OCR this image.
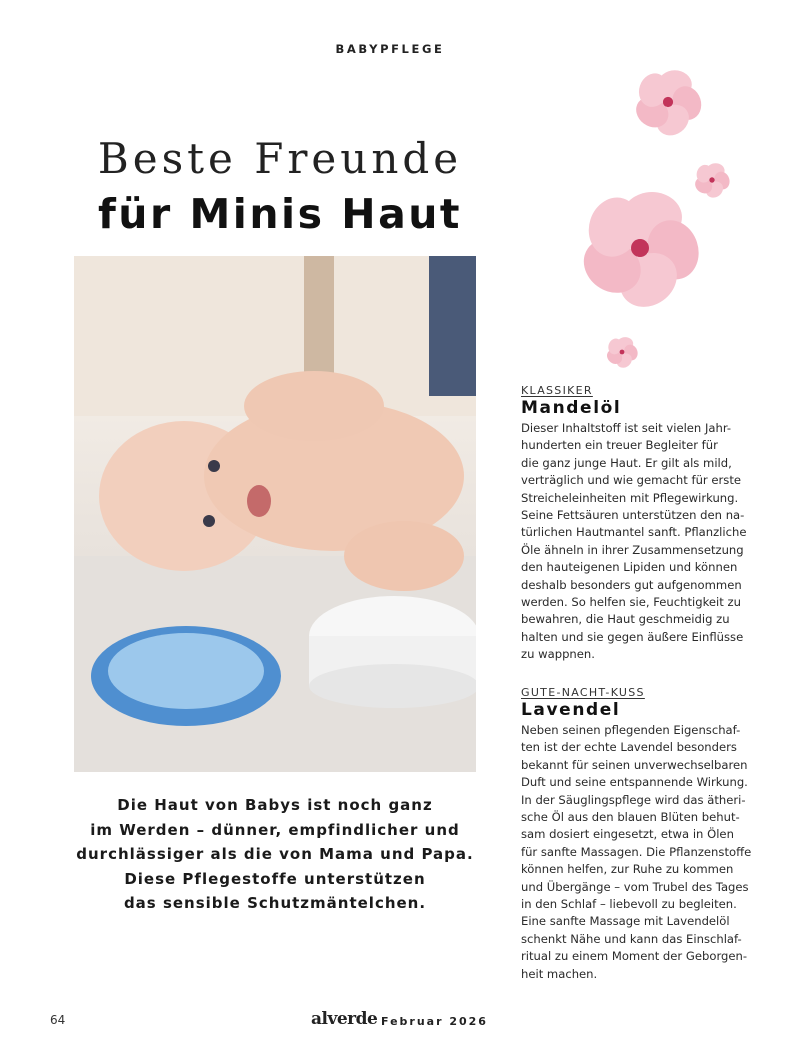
BABYPFLEGE
Beste Freunde
für Minis Haut
Die Haut von Babys ist noch ganz
im Werden – dünner, empfindlicher und
durchlässiger als die von Mama und Papa.
Diese Pflegestoffe unterstützen
das sensible Schutzmäntelchen.
KLASSIKER
Mandelöl
Dieser Inhaltstoff ist seit vielen Jahr-
hunderten ein treuer Begleiter für
die ganz junge Haut. Er gilt als mild,
verträglich und wie gemacht für erste
Streicheleinheiten mit Pflegewirkung.
Seine Fettsäuren unterstützen den na-
türlichen Hautmantel sanft. Pflanzliche
Öle ähneln in ihrer Zusammensetzung
den hauteigenen Lipiden und können
deshalb besonders gut aufgenommen
werden. So helfen sie, Feuchtigkeit zu
bewahren, die Haut geschmeidig zu
halten und sie gegen äußere Einflüsse
zu wappnen.
GUTE-NACHT-KUSS
Lavendel
Neben seinen pflegenden Eigenschaf-
ten ist der echte Lavendel besonders
bekannt für seinen unverwechselbaren
Duft und seine entspannende Wirkung.
In der Säuglingspflege wird das ätheri-
sche Öl aus den blauen Blüten behut-
sam dosiert eingesetzt, etwa in Ölen
für sanfte Massagen. Die Pflanzenstoffe
können helfen, zur Ruhe zu kommen
und Übergänge – vom Trubel des Tages
in den Schlaf – liebevoll zu begleiten.
Eine sanfte Massage mit Lavendelöl
schenkt Nähe und kann das Einschlaf-
ritual zu einem Moment der Geborgen-
heit machen.
64	alverde Februar 2026
